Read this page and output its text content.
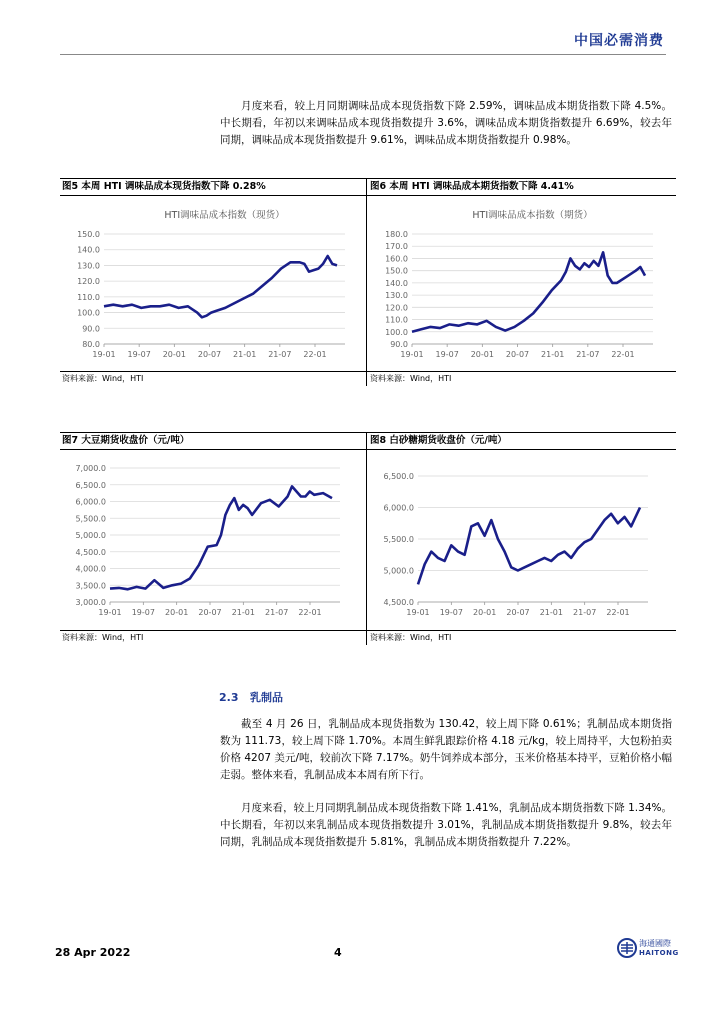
中国必需消费

月度来看，较上月同期调味品成本现货指数下降 2.59%，调味品成本期货指数下降 4.5%。中长期看，年初以来调味品成本现货指数提升 3.6%，调味品成本期货指数提升 6.69%，较去年同期，调味品成本现货指数提升 9.61%，调味品成本期货指数提升 0.98%。

图5 本周 HTI 调味品成本现货指数下降 0.28%
HTI调味品成本指数（现货）
150.0
140.0
130.0
120.0
110.0
100.0
90.0
80.0
19-01 19-07 20-01 20-07 21-01 21-07 22-01
资料来源：Wind，HTI
图6 本周 HTI 调味品成本期货指数下降 4.41%
HTI调味品成本指数（期货）
180.0
170.0
160.0
150.0
140.0
130.0
120.0
110.0
100.0
90.0
19-01 19-07 20-01 20-07 21-01 21-07 22-01
资料来源：Wind，HTI
图7 大豆期货收盘价（元/吨）
7,000.0
6,500.0
6,000.0
5,500.0
5,000.0
4,500.0
4,000.0
3,500.0
3,000.0
19-01 19-07 20-01 20-07 21-01 21-07 22-01
资料来源：Wind，HTI
图8 白砂糖期货收盘价（元/吨）
6,500.0
6,000.0
5,500.0
5,000.0
4,500.0
19-01 19-07 20-01 20-07 21-01 21-07 22-01
资料来源：Wind，HTI
2.3 乳制品

截至 4 月 26 日，乳制品成本现货指数为 130.42，较上周下降 0.61%；乳制品成本期货指数为 111.73，较上周下降 1.70%。本周生鲜乳跟踪价格 4.18 元/kg，较上周持平，大包粉拍卖价格 4207 美元/吨，较前次下降 7.17%。奶牛饲养成本部分，玉米价格基本持平，豆粕价格小幅走弱。整体来看，乳制品成本本周有所下行。

月度来看，较上月同期乳制品成本现货指数下降 1.41%，乳制品成本期货指数下降 1.34%。中长期看，年初以来乳制品成本现货指数提升 3.01%，乳制品成本期货指数提升 9.8%，较去年同期，乳制品成本现货指数提升 5.81%，乳制品成本期货指数提升 7.22%。

28 Apr 2022	4
海通國際
HAITONG
